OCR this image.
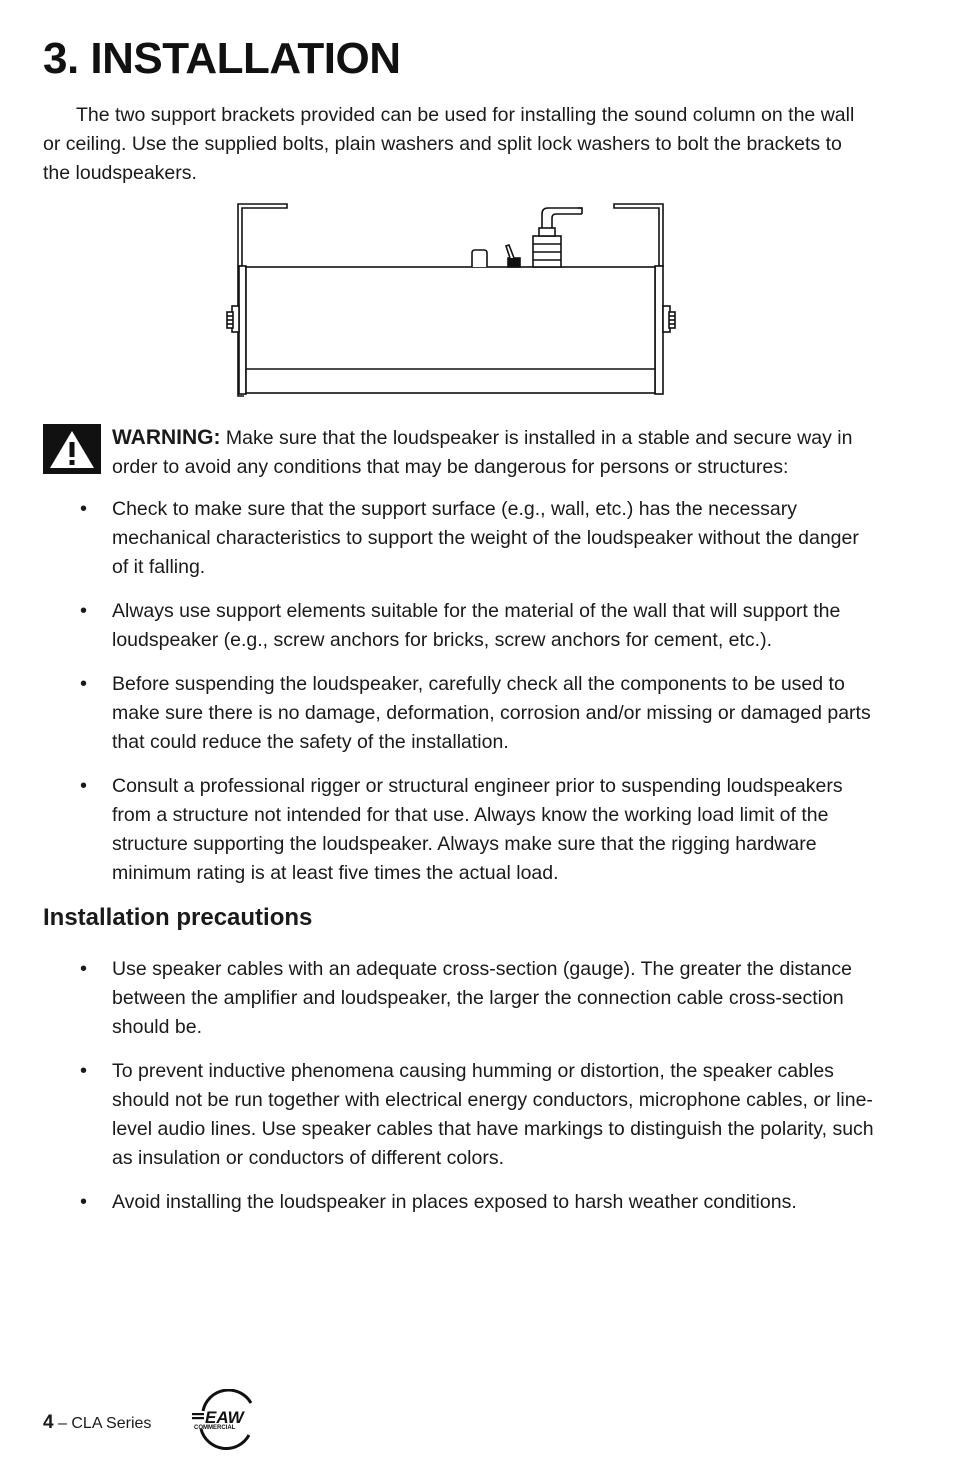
3. INSTALLATION

The two support brackets provided can be used for installing the sound column on the wall or ceiling. Use the supplied bolts, plain washers and split lock washers to bolt the brackets to the loudspeakers.

WARNING: Make sure that the loudspeaker is installed in a stable and secure way in order to avoid any conditions that may be dangerous for persons or structures:

•	Check to make sure that the support surface (e.g., wall, etc.) has the necessary mechanical characteristics to support the weight of the loudspeaker without the danger of it falling.
•	Always use support elements suitable for the material of the wall that will support the loudspeaker (e.g., screw anchors for bricks, screw anchors for cement, etc.).
•	Before suspending the loudspeaker, carefully check all the components to be used to make sure there is no damage, deformation, corrosion and/or missing or damaged parts that could reduce the safety of the installation.
•	Consult a professional rigger or structural engineer prior to suspending loudspeakers from a structure not intended for that use. Always know the working load limit of the structure supporting the loudspeaker. Always make sure that the rigging hardware minimum rating is at least five times the actual load.
Installation precautions
•	Use speaker cables with an adequate cross-section (gauge). The greater the distance between the amplifier and loudspeaker, the larger the connection cable cross-section should be.
•	To prevent inductive phenomena causing humming or distortion, the speaker cables should not be run together with electrical energy conductors, microphone cables, or line-level audio lines. Use speaker cables that have markings to distinguish the polarity, such as insulation or conductors of different colors.
•	Avoid installing the loudspeaker in places exposed to harsh weather conditions.
4 – CLA Series	EAW
COMMERCIAL
